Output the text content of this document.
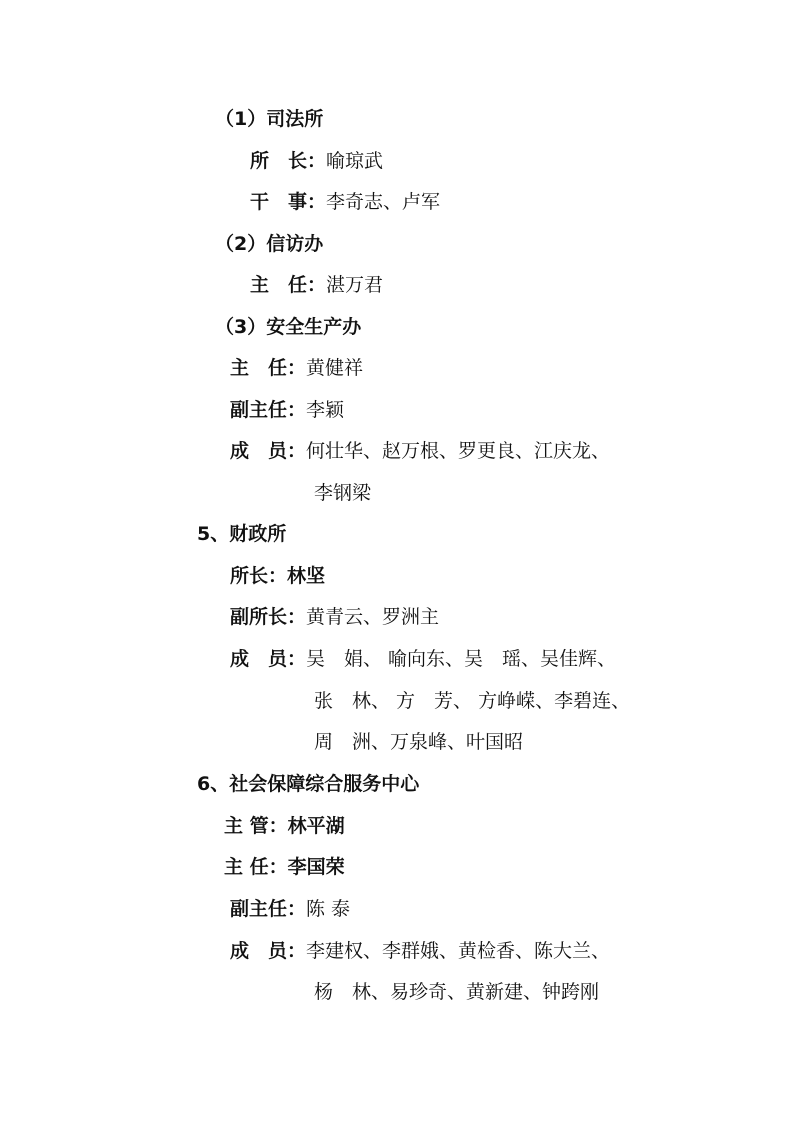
（1）司法所
所　长：喻琼武
干　事：李奇志、卢军
（2）信访办
主　任：湛万君
（3）安全生产办
主　任：黄健祥
副主任：李颖
成　员：何壮华、赵万根、罗更良、江庆龙、
李钢梁
5、财政所
所长：林坚
副所长：黄青云、罗洲主
成　员：吴　娟、 喻向东、吴　瑶、吴佳辉、
张　林、 方　芳、 方峥嵘、李碧连、
周　洲、万泉峰、叶国昭
6、社会保障综合服务中心
主 管：林平湖
主 任：李国荣
副主任：陈 泰
成　员：李建权、李群娥、黄检香、陈大兰、
杨　林、易珍奇、黄新建、钟跨刚
